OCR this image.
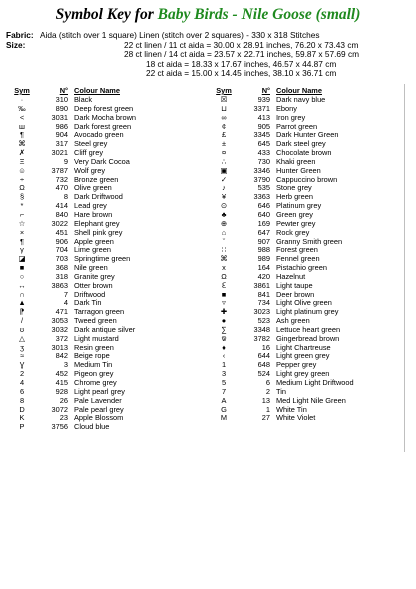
Symbol Key for Baby Birds - Nile Goose (small)
Fabric: Aida (stitch over 1 square) Linen (stitch over 2 squares) - 330 x 318 Stitches
Size:	22 ct linen / 11 ct aida = 30.00 x 28.91 inches, 76.20 x 73.43 cm
28 ct linen / 14 ct aida = 23.57 x 22.71 inches, 59.87 x 57.69 cm
18 ct aida = 18.33 x 17.67 inches, 46.57 x 44.87 cm
22 ct aida = 15.00 x 14.45 inches, 38.10 x 36.71 cm
Sym	N° Colour Name
·	310 Black
‰	890 Deep forest green
<	3031 Dark Mocha brown
ш	986 Dark forest green
¶	904 Avocado green
⌘	317 Steel grey
✗	3021 Cliff grey
Ξ	9 Very Dark Cocoa
☺	3787 Wolf grey
÷	732 Bronze green
Ω	470 Olive green
§	8 Dark Driftwood
*	414 Lead grey
⌐	840 Hare brown
☆	3022 Elephant grey
×	451 Shell pink grey
¶	906 Apple green
γ	704 Lime green
◪	703 Springtime green
■	368 Nile green
○	318 Granite grey
↔	3863 Otter brown
∩	7 Driftwood
▲	4 Dark Tin
⁋	471 Tarragon green
/	3053 Tweed green
ʊ	3032 Dark antique silver
△	372 Light mustard
ʒ	3013 Resin green
≈	842 Beige rope
Ɣ	3 Medium Tin
2	452 Pigeon grey
4	415 Chrome grey
6	928 Light pearl grey
8	26 Pale Lavender
D	3072 Pale pearl grey
K	23 Apple Blossom
P	3756 Cloud blue
Sym	N° Colour Name
☒	939 Dark navy blue
⊔	3371 Ebony
∞	413 Iron grey
¢	905 Parrot green
£	3345 Dark Hunter Green
±	645 Dark steel grey
¤	433 Chocolate brown
∴	730 Khaki green
▣	3346 Hunter Green
✓	3790 Cappuccino brown
♪	535 Stone grey
¥	3363 Herb green
⊙	646 Platinum grey
♣	640 Green grey
⊕	169 Pewter grey
⌂	647 Rock grey
ˇ	907 Granny Smith green
∷	988 Forest green
⌘	989 Fennel green
x	164 Pistachio green
Ω	420 Hazelnut
ℇ	3861 Light taupe
■	841 Deer brown
▿	734 Light Olive green
✚	3023 Light platinum grey
●	523 Ash green
∑	3348 Lettuce heart green
ѿ	3782 Gingerbread brown
♦	16 Light Chartreuse
‹	644 Light green grey
1	648 Pepper grey
3	524 Light grey green
5	6 Medium Light Driftwood
7	2 Tin
A	13 Med Light Nile Green
G	1 White Tin
M	27 White Violet
